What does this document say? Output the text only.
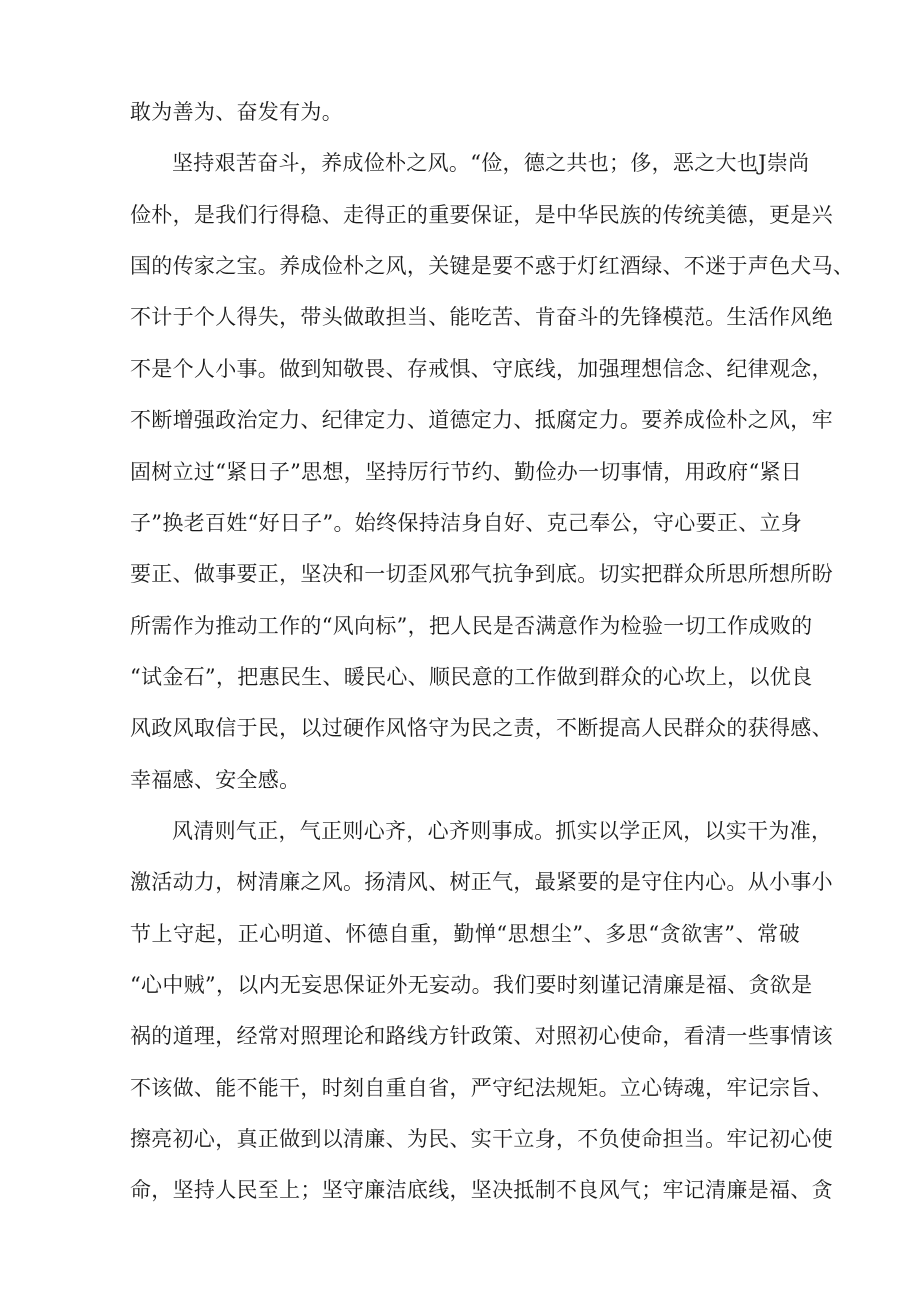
敢为善为、奋发有为。
坚持艰苦奋斗，养成俭朴之风。“俭，德之共也；侈，恶之大也J崇尚
俭朴，是我们行得稳、走得正的重要保证，是中华民族的传统美德，更是兴
国的传家之宝。养成俭朴之风，关键是要不惑于灯红酒绿、不迷于声色犬马、
不计于个人得失，带头做敢担当、能吃苦、肯奋斗的先锋模范。生活作风绝
不是个人小事。做到知敬畏、存戒惧、守底线，加强理想信念、纪律观念，
不断增强政治定力、纪律定力、道德定力、抵腐定力。要养成俭朴之风，牢
固树立过“紧日子”思想，坚持厉行节约、勤俭办一切事情，用政府“紧日
子”换老百姓“好日子”。始终保持洁身自好、克己奉公，守心要正、立身
要正、做事要正，坚决和一切歪风邪气抗争到底。切实把群众所思所想所盼
所需作为推动工作的“风向标”，把人民是否满意作为检验一切工作成败的
“试金石”，把惠民生、暖民心、顺民意的工作做到群众的心坎上，以优良
风政风取信于民，以过硬作风恪守为民之责，不断提高人民群众的获得感、
幸福感、安全感。
风清则气正，气正则心齐，心齐则事成。抓实以学正风，以实干为准，
激活动力，树清廉之风。扬清风、树正气，最紧要的是守住内心。从小事小
节上守起，正心明道、怀德自重，勤惮“思想尘”、多思“贪欲害”、常破
“心中贼”，以内无妄思保证外无妄动。我们要时刻谨记清廉是福、贪欲是
祸的道理，经常对照理论和路线方针政策、对照初心使命，看清一些事情该
不该做、能不能干，时刻自重自省，严守纪法规矩。立心铸魂，牢记宗旨、
擦亮初心，真正做到以清廉、为民、实干立身，不负使命担当。牢记初心使
命，坚持人民至上；坚守廉洁底线，坚决抵制不良风气；牢记清廉是福、贪
